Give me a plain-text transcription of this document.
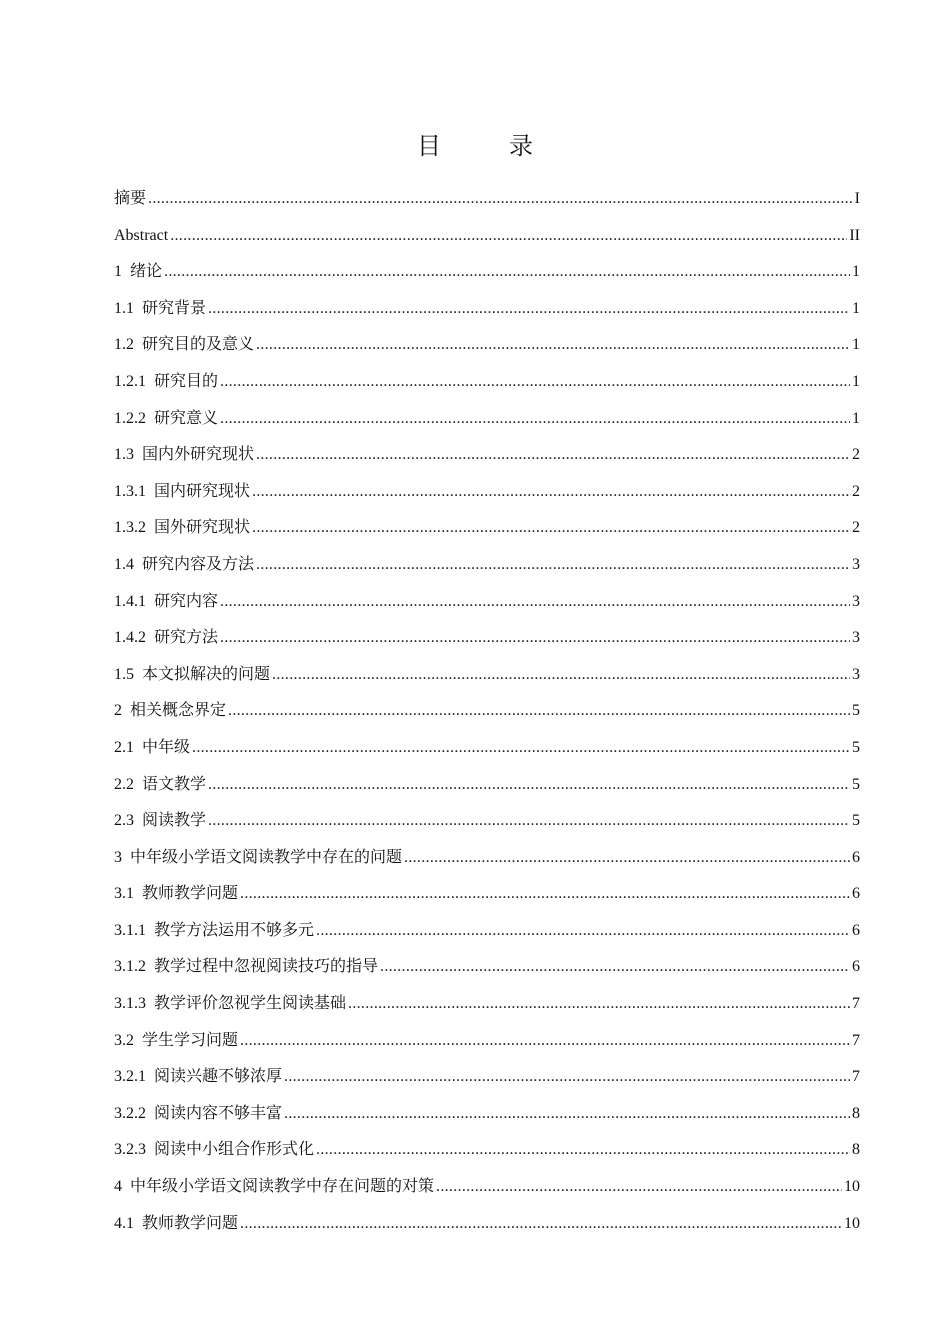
目　录
摘要 .....	I
Abstract .....	II
1 绪论 .....	1
1.1 研究背景 .....	1
1.2 研究目的及意义 .....	1
1.2.1 研究目的 .....	1
1.2.2 研究意义 .....	1
1.3 国内外研究现状 .....	2
1.3.1 国内研究现状 .....	2
1.3.2 国外研究现状 .....	2
1.4 研究内容及方法 .....	3
1.4.1 研究内容 .....	3
1.4.2 研究方法 .....	3
1.5 本文拟解决的问题 .....	3
2 相关概念界定 .....	5
2.1 中年级 .....	5
2.2 语文教学 .....	5
2.3 阅读教学 .....	5
3 中年级小学语文阅读教学中存在的问题 .....	6
3.1 教师教学问题 .....	6
3.1.1 教学方法运用不够多元 .....	6
3.1.2 教学过程中忽视阅读技巧的指导 .....	6
3.1.3 教学评价忽视学生阅读基础 .....	7
3.2 学生学习问题 .....	7
3.2.1 阅读兴趣不够浓厚 .....	7
3.2.2 阅读内容不够丰富 .....	8
3.2.3 阅读中小组合作形式化 .....	8
4 中年级小学语文阅读教学中存在问题的对策 .....	10
4.1 教师教学问题 .....	10
